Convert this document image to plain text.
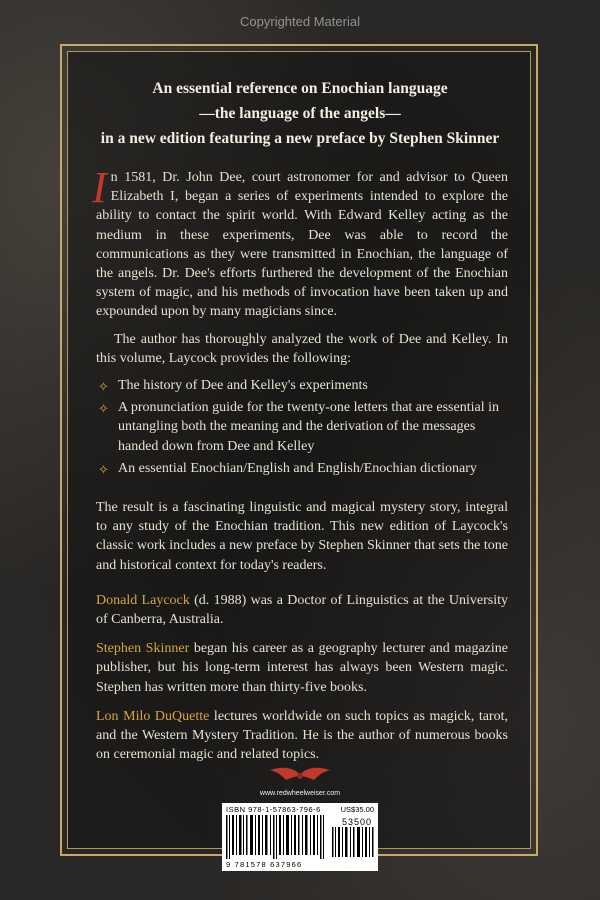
Copyrighted Material
An essential reference on Enochian language
—the language of the angels—
in a new edition featuring a new preface by Stephen Skinner

In 1581, Dr. John Dee, court astronomer for and advisor to Queen Elizabeth I, began a series of experiments intended to explore the ability to contact the spirit world. With Edward Kelley acting as the medium in these experiments, Dee was able to record the communications as they were transmitted in Enochian, the language of the angels. Dr. Dee's efforts furthered the development of the Enochian system of magic, and his methods of invocation have been taken up and expounded upon by many magicians since.

The author has thoroughly analyzed the work of Dee and Kelley. In this volume, Laycock provides the following:

✧ The history of Dee and Kelley's experiments
✧ A pronunciation guide for the twenty-one letters that are essential in untangling both the meaning and the derivation of the messages handed down from Dee and Kelley
✧ An essential Enochian/English and English/Enochian dictionary

The result is a fascinating linguistic and magical mystery story, integral to any study of the Enochian tradition. This new edition of Laycock's classic work includes a new preface by Stephen Skinner that sets the tone and historical context for today's readers.

Donald Laycock (d. 1988) was a Doctor of Linguistics at the University of Canberra, Australia.

Stephen Skinner began his career as a geography lecturer and magazine publisher, but his long-term interest has always been Western magic. Stephen has written more than thirty-five books.

Lon Milo DuQuette lectures worldwide on such topics as magick, tarot, and the Western Mystery Tradition. He is the author of numerous books on ceremonial magic and related topics.

www.redwheelweiser.com
ISBN 978-1-57863-796-6	US$35.00
53500
9 781578 637966
